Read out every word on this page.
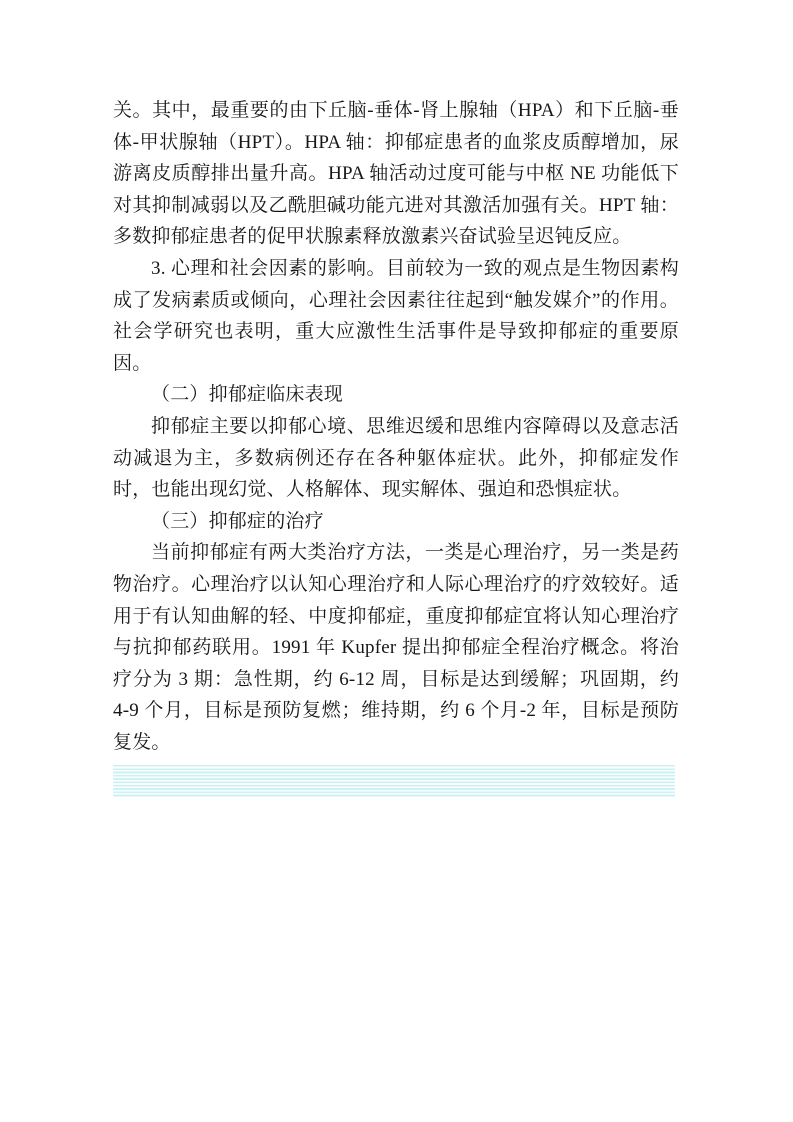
关。其中，最重要的由下丘脑-垂体-肾上腺轴（HPA）和下丘脑-垂体-甲状腺轴（HPT）。HPA 轴：抑郁症患者的血浆皮质醇增加，尿游离皮质醇排出量升高。HPA 轴活动过度可能与中枢 NE 功能低下对其抑制减弱以及乙酰胆碱功能亢进对其激活加强有关。HPT 轴：多数抑郁症患者的促甲状腺素释放激素兴奋试验呈迟钝反应。

3. 心理和社会因素的影响。目前较为一致的观点是生物因素构成了发病素质或倾向，心理社会因素往往起到“触发媒介”的作用。社会学研究也表明，重大应激性生活事件是导致抑郁症的重要原因。

（二）抑郁症临床表现

抑郁症主要以抑郁心境、思维迟缓和思维内容障碍以及意志活动减退为主，多数病例还存在各种躯体症状。此外，抑郁症发作时，也能出现幻觉、人格解体、现实解体、强迫和恐惧症状。

（三）抑郁症的治疗

当前抑郁症有两大类治疗方法，一类是心理治疗，另一类是药物治疗。心理治疗以认知心理治疗和人际心理治疗的疗效较好。适用于有认知曲解的轻、中度抑郁症，重度抑郁症宜将认知心理治疗与抗抑郁药联用。1991 年 Kupfer 提出抑郁症全程治疗概念。将治疗分为 3 期：急性期，约 6-12 周，目标是达到缓解；巩固期，约 4-9 个月，目标是预防复燃；维持期，约 6 个月-2 年，目标是预防复发。
